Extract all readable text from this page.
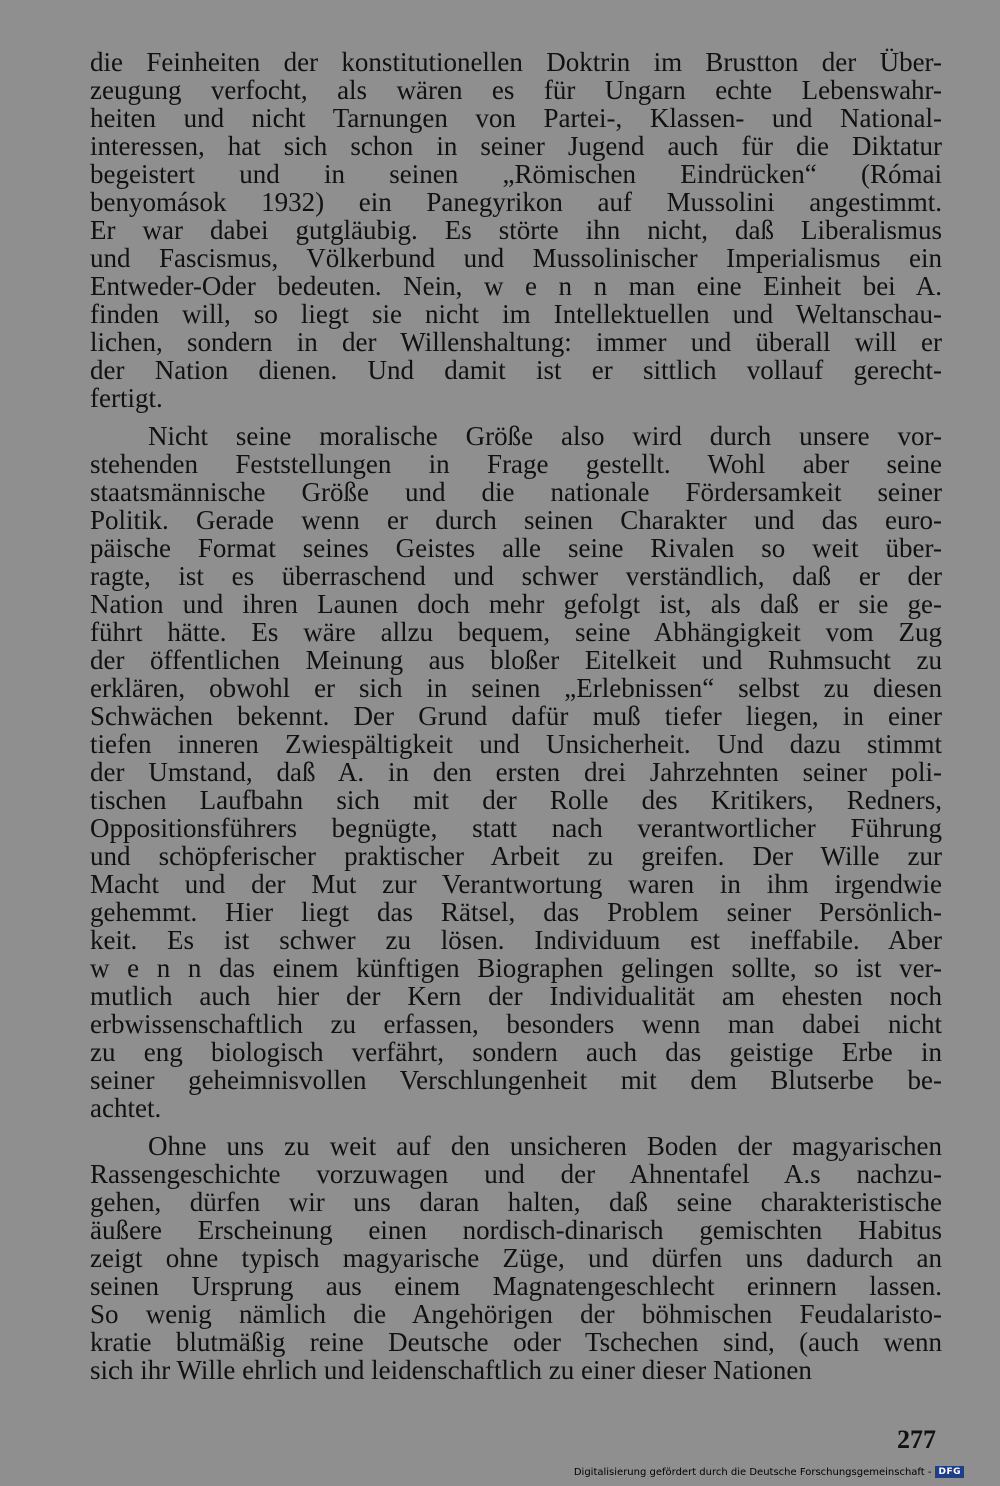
die Feinheiten der konstitutionellen Doktrin im Brustton der Über-
zeugung verfocht, als wären es für Ungarn echte Lebenswahr-
heiten und nicht Tarnungen von Partei-, Klassen- und National-
interessen, hat sich schon in seiner Jugend auch für die Diktatur
begeistert und in seinen „Römischen Eindrücken“ (Római
benyomások 1932) ein Panegyrikon auf Mussolini angestimmt.
Er war dabei gutgläubig. Es störte ihn nicht, daß Liberalismus
und Fascismus, Völkerbund und Mussolinischer Imperialismus ein
Entweder-Oder bedeuten. Nein, w e n n man eine Einheit bei A.
finden will, so liegt sie nicht im Intellektuellen und Weltanschau-
lichen, sondern in der Willenshaltung: immer und überall will er
der Nation dienen. Und damit ist er sittlich vollauf gerecht-
fertigt.

Nicht seine moralische Größe also wird durch unsere vor-
stehenden Feststellungen in Frage gestellt. Wohl aber seine
staatsmännische Größe und die nationale Fördersamkeit seiner
Politik. Gerade wenn er durch seinen Charakter und das euro-
päische Format seines Geistes alle seine Rivalen so weit über-
ragte, ist es überraschend und schwer verständlich, daß er der
Nation und ihren Launen doch mehr gefolgt ist, als daß er sie ge-
führt hätte. Es wäre allzu bequem, seine Abhängigkeit vom Zug
der öffentlichen Meinung aus bloßer Eitelkeit und Ruhmsucht zu
erklären, obwohl er sich in seinen „Erlebnissen“ selbst zu diesen
Schwächen bekennt. Der Grund dafür muß tiefer liegen, in einer
tiefen inneren Zwiespältigkeit und Unsicherheit. Und dazu stimmt
der Umstand, daß A. in den ersten drei Jahrzehnten seiner poli-
tischen Laufbahn sich mit der Rolle des Kritikers, Redners,
Oppositionsführers begnügte, statt nach verantwortlicher Führung
und schöpferischer praktischer Arbeit zu greifen. Der Wille zur
Macht und der Mut zur Verantwortung waren in ihm irgendwie
gehemmt. Hier liegt das Rätsel, das Problem seiner Persönlich-
keit. Es ist schwer zu lösen. Individuum est ineffabile. Aber
w e n n das einem künftigen Biographen gelingen sollte, so ist ver-
mutlich auch hier der Kern der Individualität am ehesten noch
erbwissenschaftlich zu erfassen, besonders wenn man dabei nicht
zu eng biologisch verfährt, sondern auch das geistige Erbe in
seiner geheimnisvollen Verschlungenheit mit dem Blutserbe be-
achtet.

Ohne uns zu weit auf den unsicheren Boden der magyarischen
Rassengeschichte vorzuwagen und der Ahnentafel A.s nachzu-
gehen, dürfen wir uns daran halten, daß seine charakteristische
äußere Erscheinung einen nordisch-dinarisch gemischten Habitus
zeigt ohne typisch magyarische Züge, und dürfen uns dadurch an
seinen Ursprung aus einem Magnatengeschlecht erinnern lassen.
So wenig nämlich die Angehörigen der böhmischen Feudalaristo-
kratie blutmäßig reine Deutsche oder Tschechen sind, (auch wenn
sich ihr Wille ehrlich und leidenschaftlich zu einer dieser Nationen

277
Digitalisierung gefördert durch die Deutsche Forschungsgemeinschaft - DFG
